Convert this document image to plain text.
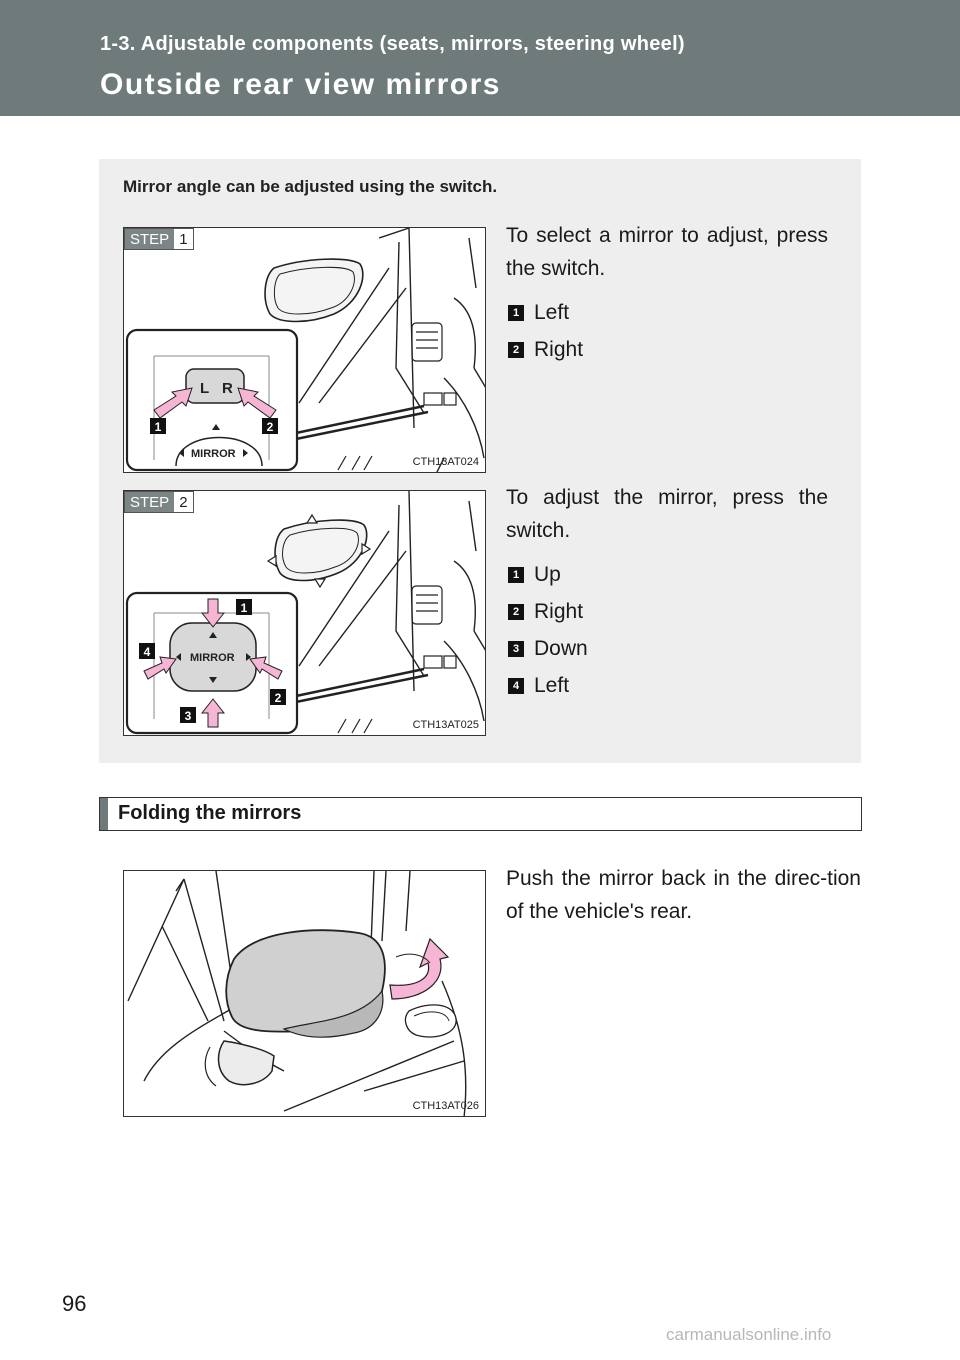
1-3. Adjustable components (seats, mirrors, steering wheel)
Outside rear view mirrors
Mirror angle can be adjusted using the switch.
L R
MIRROR
1	2
STEP 1
CTH13AT024
To select a mirror to adjust, press the switch.
1 Left
2 Right
MIRROR
1
2
3
4
STEP 2
CTH13AT025
To adjust the mirror, press the switch.
1 Up
2 Right
3 Down
4 Left
Folding the mirrors
CTH13AT026
Push the mirror back in the direc-tion of the vehicle's rear.
96
carmanualsonline.info
